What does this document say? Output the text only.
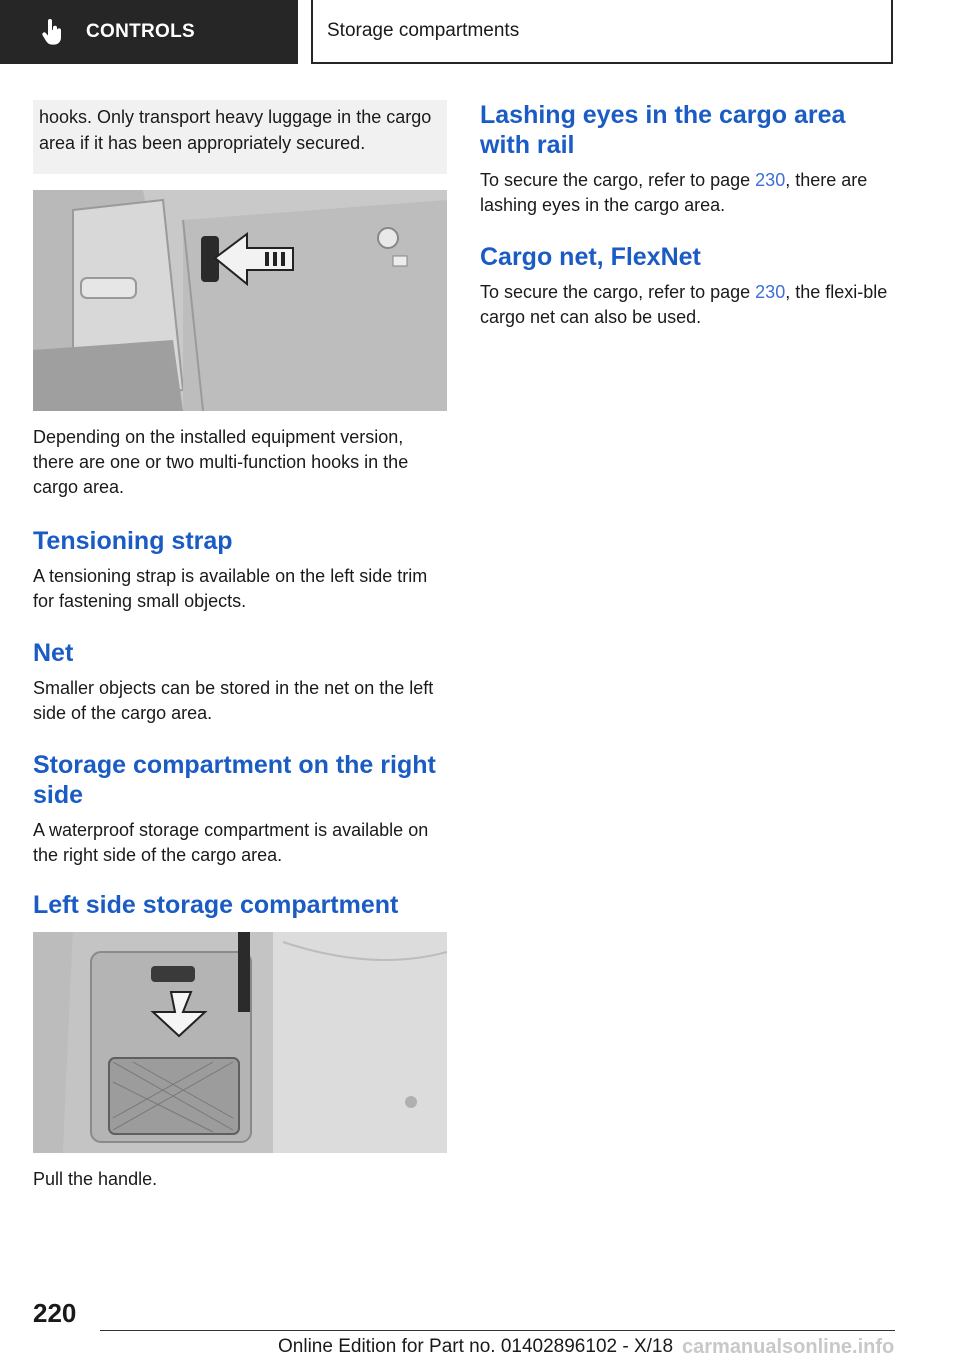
CONTROLS	Storage compartments
hooks. Only transport heavy luggage in the cargo area if it has been appropriately secured.

Depending on the installed equipment version, there are one or two multi-function hooks in the cargo area.

Tensioning strap

A tensioning strap is available on the left side trim for fastening small objects.

Net

Smaller objects can be stored in the net on the left side of the cargo area.

Storage compartment on the right side

A waterproof storage compartment is available on the right side of the cargo area.

Left side storage compartment

Pull the handle.

Lashing eyes in the cargo area with rail

To secure the cargo, refer to page 230, there are lashing eyes in the cargo area.

Cargo net, FlexNet

To secure the cargo, refer to page 230, the flexi-ble cargo net can also be used.

220
Online Edition for Part no. 01402896102 - X/18 carmanualsonline.info
